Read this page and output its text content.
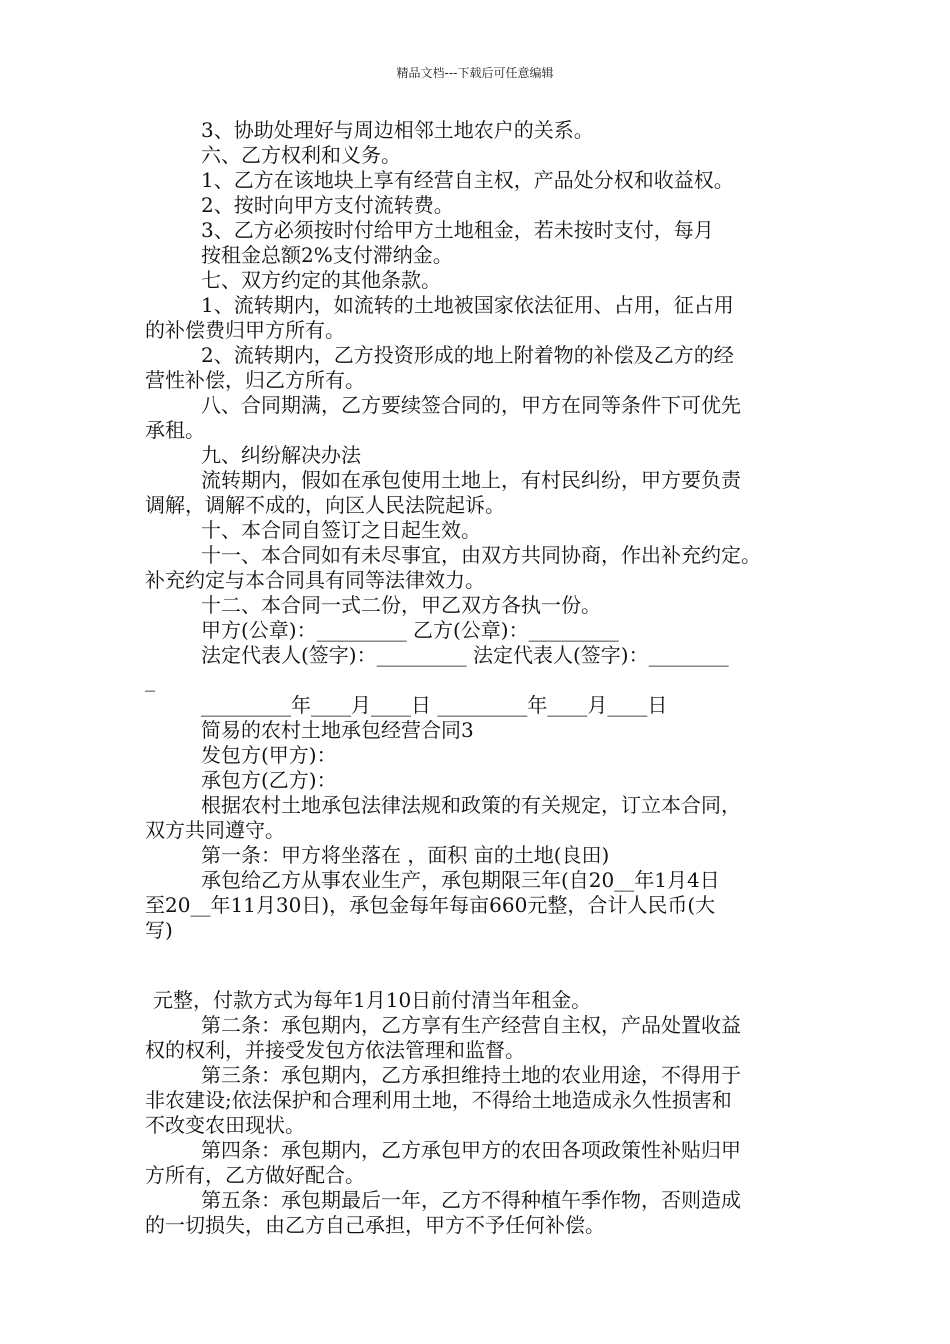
精品文档---下载后可任意编辑
3、协助处理好与周边相邻土地农户的关系。
六、乙方权利和义务。
1、乙方在该地块上享有经营自主权，产品处分权和收益权。
2、按时向甲方支付流转费。
3、乙方必须按时付给甲方土地租金，若未按时支付，每月
按租金总额2%支付滞纳金。
七、双方约定的其他条款。
1、流转期内，如流转的土地被国家依法征用、占用，征占用
的补偿费归甲方所有。
2、流转期内，乙方投资形成的地上附着物的补偿及乙方的经
营性补偿，归乙方所有。
八、合同期满，乙方要续签合同的，甲方在同等条件下可优先
承租。
九、纠纷解决办法
流转期内，假如在承包使用土地上，有村民纠纷，甲方要负责
调解，调解不成的，向区人民法院起诉。
十、本合同自签订之日起生效。
十一、本合同如有未尽事宜，由双方共同协商，作出补充约定。
补充约定与本合同具有同等法律效力。
十二、本合同一式二份，甲乙双方各执一份。
甲方(公章)：_________ 乙方(公章)：_________
法定代表人(签字)：_________ 法定代表人(签字)：________
_
_________年____月____日 _________年____月____日
简易的农村土地承包经营合同3
发包方(甲方)：
承包方(乙方)：
根据农村土地承包法律法规和政策的有关规定，订立本合同，
双方共同遵守。
第一条：甲方将坐落在 ，面积 亩的土地(良田)
承包给乙方从事农业生产，承包期限三年(自20__年1月4日
至20__年11月30日)，承包金每年每亩660元整，合计人民币(大
写)
元整，付款方式为每年1月10日前付清当年租金。
第二条：承包期内，乙方享有生产经营自主权，产品处置收益
权的权利，并接受发包方依法管理和监督。
第三条：承包期内，乙方承担维持土地的农业用途，不得用于
非农建设;依法保护和合理利用土地，不得给土地造成永久性损害和
不改变农田现状。
第四条：承包期内，乙方承包甲方的农田各项政策性补贴归甲
方所有，乙方做好配合。
第五条：承包期最后一年，乙方不得种植午季作物，否则造成
的一切损失，由乙方自己承担，甲方不予任何补偿。
